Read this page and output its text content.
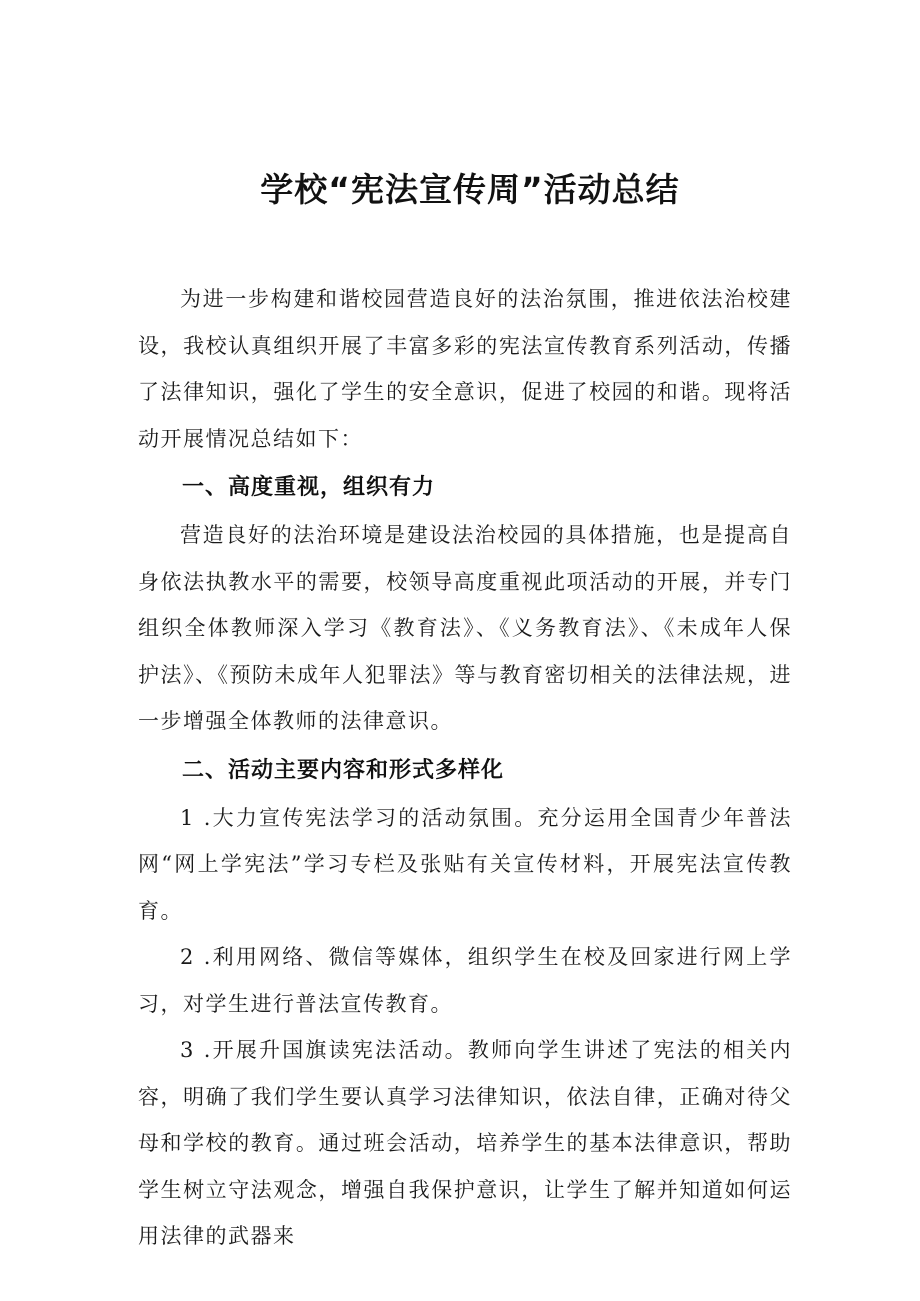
学校“宪法宣传周”活动总结

为进一步构建和谐校园营造良好的法治氛围，推进依法治校建设，我校认真组织开展了丰富多彩的宪法宣传教育系列活动，传播了法律知识，强化了学生的安全意识，促进了校园的和谐。现将活动开展情况总结如下：

一、高度重视，组织有力

营造良好的法治环境是建设法治校园的具体措施，也是提高自身依法执教水平的需要，校领导高度重视此项活动的开展，并专门组织全体教师深入学习《教育法》、《义务教育法》、《未成年人保护法》、《预防未成年人犯罪法》等与教育密切相关的法律法规，进一步增强全体教师的法律意识。

二、活动主要内容和形式多样化

1 .大力宣传宪法学习的活动氛围。充分运用全国青少年普法网“网上学宪法”学习专栏及张贴有关宣传材料，开展宪法宣传教育。

2 .利用网络、微信等媒体，组织学生在校及回家进行网上学习，对学生进行普法宣传教育。

3 .开展升国旗读宪法活动。教师向学生讲述了宪法的相关内容，明确了我们学生要认真学习法律知识，依法自律，正确对待父母和学校的教育。通过班会活动，培养学生的基本法律意识，帮助学生树立守法观念，增强自我保护意识，让学生了解并知道如何运用法律的武器来
